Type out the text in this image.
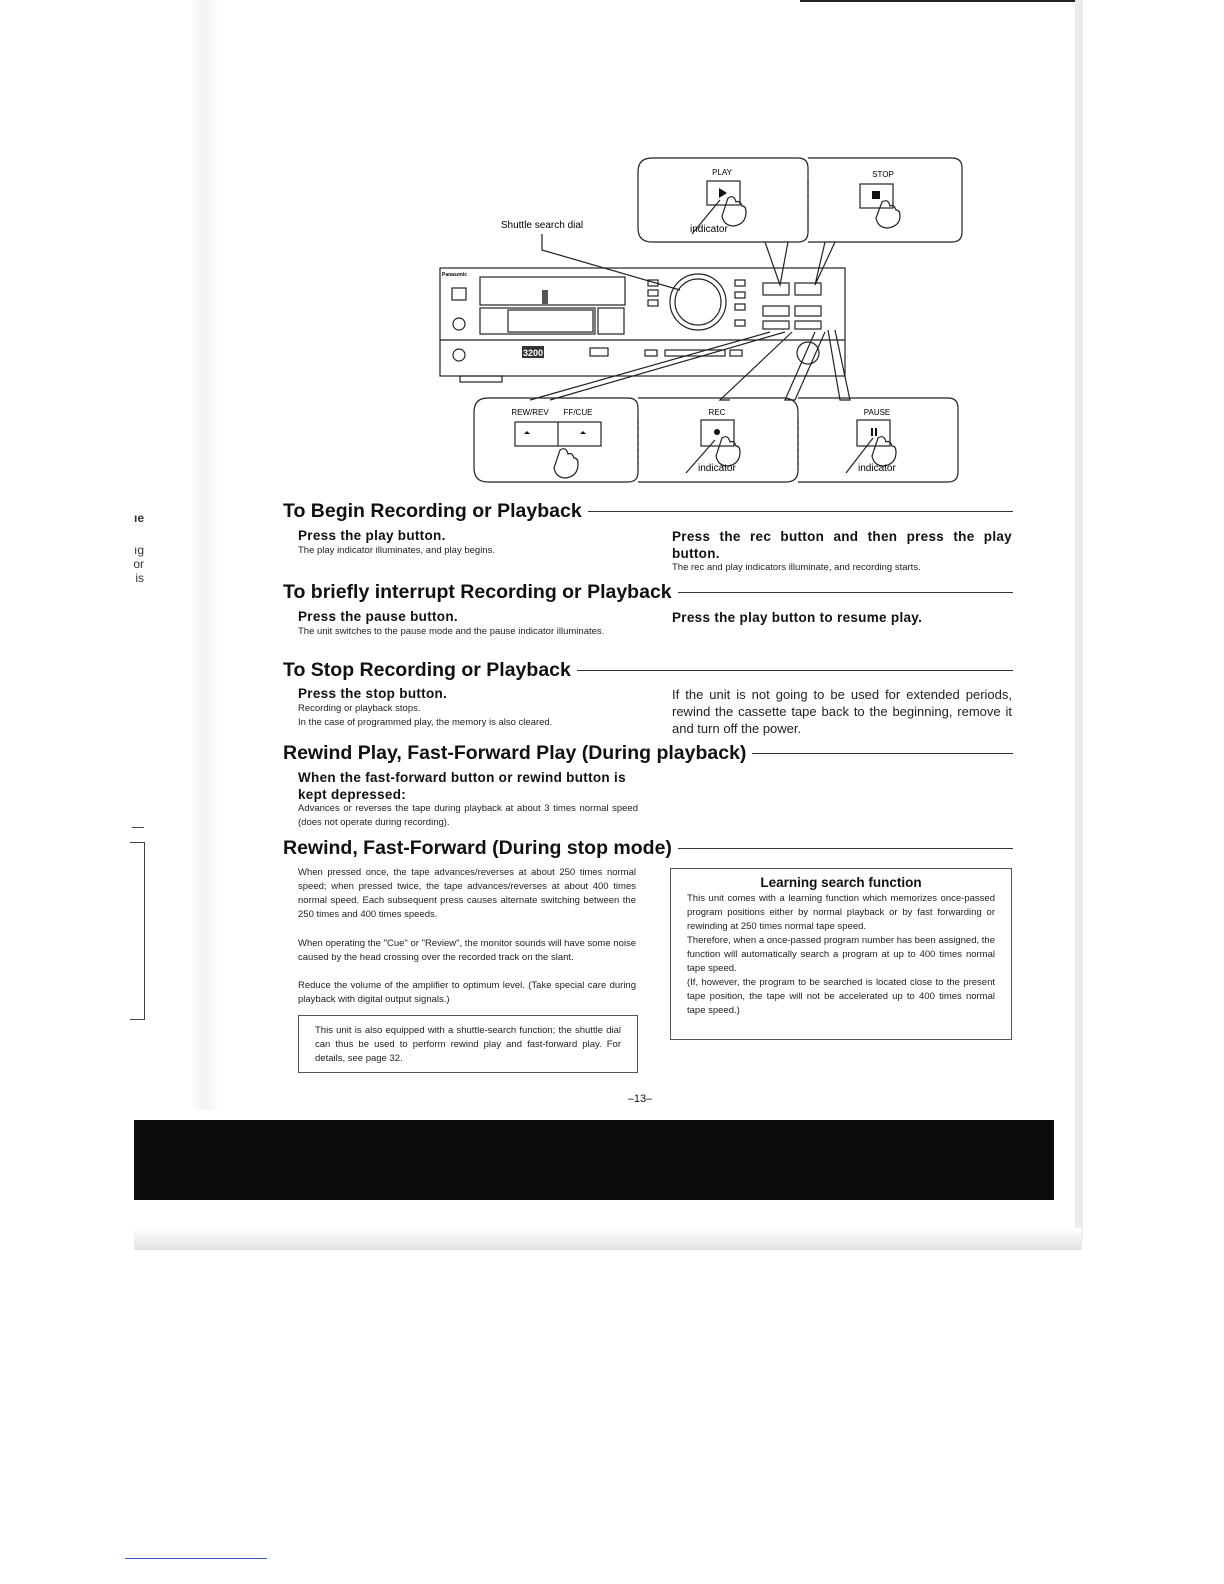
ıe
ıg
or
is
Shuttle search dial
Panasonic
3200
PLAY	STOP
REW/REV FF/CUE	REC	PAUSE
indicator
indicator	indicator
To Begin Recording or Playback
Press the play button.
The play indicator illuminates, and play begins.
Press the rec button and then press the play button.
The rec and play indicators illuminate, and recording starts.
To briefly interrupt Recording or Playback
Press the pause button.
The unit switches to the pause mode and the pause indicator illuminates.
Press the play button to resume play.
To Stop Recording or Playback
Press the stop button.
Recording or playback stops.
In the case of programmed play, the memory is also cleared.
If the unit is not going to be used for extended periods, rewind the cassette tape back to the beginning, remove it and turn off the power.
Rewind Play, Fast-Forward Play (During playback)
When the fast-forward button or rewind button is kept depressed:
Advances or reverses the tape during playback at about 3 times normal speed (does not operate during recording).
Rewind, Fast-Forward (During stop mode)
When pressed once, the tape advances/reverses at about 250 times normal speed; when pressed twice, the tape advances/reverses at about 400 times normal speed. Each subsequent press causes alternate switching between the 250 times and 400 times speeds.
When operating the "Cue" or "Review", the monitor sounds will have some noise caused by the head crossing over the recorded track on the slant.
Reduce the volume of the amplifier to optimum level. (Take special care during playback with digital output signals.)
This unit is also equipped with a shuttle-search function; the shuttle dial can thus be used to perform rewind play and fast-forward play. For details, see page 32.
Learning search function
This unit comes with a learning function which memorizes once-passed program positions either by normal playback or by fast forwarding or rewinding at 250 times normal tape speed.
Therefore, when a once-passed program number has been assigned, the function will automatically search a program at up to 400 times normal tape speed.
(If, however, the program to be searched is located close to the present tape position, the tape will not be accelerated up to 400 times normal tape speed.)
–13–
